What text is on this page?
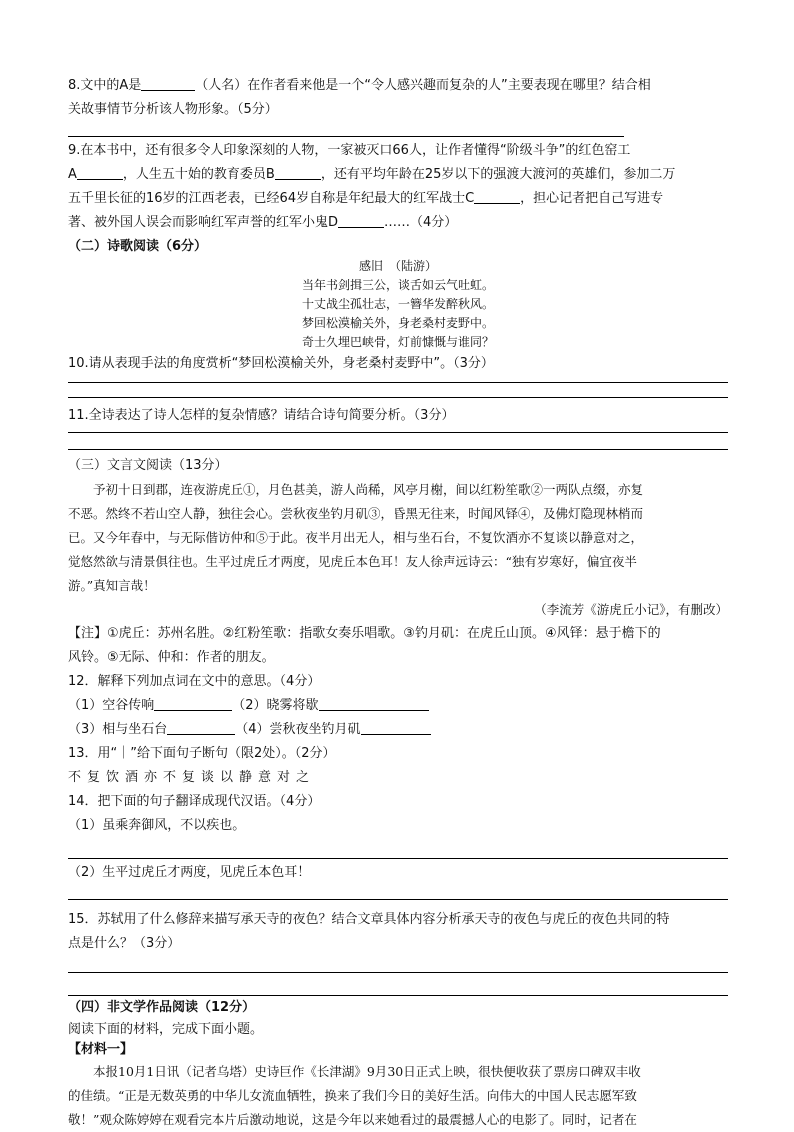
8.文中的A是	（人名）在作者看来他是一个“令人感兴趣而复杂的人”主要表现在哪里？结合相

关故事情节分析该人物形象。（5分）

9.在本书中，还有很多令人印象深刻的人物，一家被灭口66人，让作者懂得“阶级斗争”的红色窑工

A	，人生五十始的教育委员B	，还有平均年龄在25岁以下的强渡大渡河的英雄们，参加二万

五千里长征的16岁的江西老表，已经64岁自称是年纪最大的红军战士C	，担心记者把自己写进专

著、被外国人误会而影响红军声誉的红军小鬼D	……（4分）

（二）诗歌阅读（6分）

感旧　（陆游）
当年书剑揖三公，谈舌如云气吐虹。
十丈战尘孤壮志，一簪华发醉秋风。
梦回松漠榆关外，身老桑村麦野中。
奇士久埋巴峡骨，灯前慷慨与谁同？

10.请从表现手法的角度赏析“梦回松漠榆关外，身老桑村麦野中”。（3分）

11.全诗表达了诗人怎样的复杂情感？请结合诗句简要分析。（3分）

（三）文言文阅读（13分）

予初十日到郡，连夜游虎丘①，月色甚美，游人尚稀，风亭月榭，间以红粉笙歌②一两队点缀，亦复

不恶。然终不若山空人静，独往会心。尝秋夜坐钓月矶③，昏黑无往来，时闻风铎④，及佛灯隐现林梢而

已。又今年春中，与无际偕访仲和⑤于此。夜半月出无人，相与坐石台，不复饮酒亦不复谈以静意对之，

觉悠然欲与清景俱往也。生平过虎丘才两度，见虎丘本色耳！友人徐声远诗云：“独有岁寒好，偏宜夜半

游。”真知言哉！

（李流芳《游虎丘小记》，有删改）

【注】①虎丘：苏州名胜。②红粉笙歌：指歌女奏乐唱歌。③钓月矶：在虎丘山顶。④风铎：悬于檐下的

风铃。⑤无际、仲和：作者的朋友。

12．解释下列加点词在文中的意思。（4分）

（1）空谷传响	（2）晓雾将歇

（3）相与坐石台	（4）尝秋夜坐钓月矶

13．用“｜”给下面句子断句（限2处）。（2分）

不复饮酒亦不复谈以静意对之

14．把下面的句子翻译成现代汉语。（4分）

（1）虽乘奔御风，不以疾也。

（2）生平过虎丘才两度，见虎丘本色耳！

15．苏轼用了什么修辞来描写承天寺的夜色？结合文章具体内容分析承天寺的夜色与虎丘的夜色共同的特

点是什么？（3分）

（四）非文学作品阅读（12分）

阅读下面的材料，完成下面小题。

【材料一】

本报10月1日讯（记者乌塔）史诗巨作《长津湖》9月30日正式上映，很快便收获了票房口碑双丰收

的佳绩。“正是无数英勇的中华儿女流血牺牲，换来了我们今日的美好生活。向伟大的中国人民志愿军致

敬！”观众陈婷婷在观看完本片后激动地说，这是今年以来她看过的最震撼人心的电影了。同时，记者在
